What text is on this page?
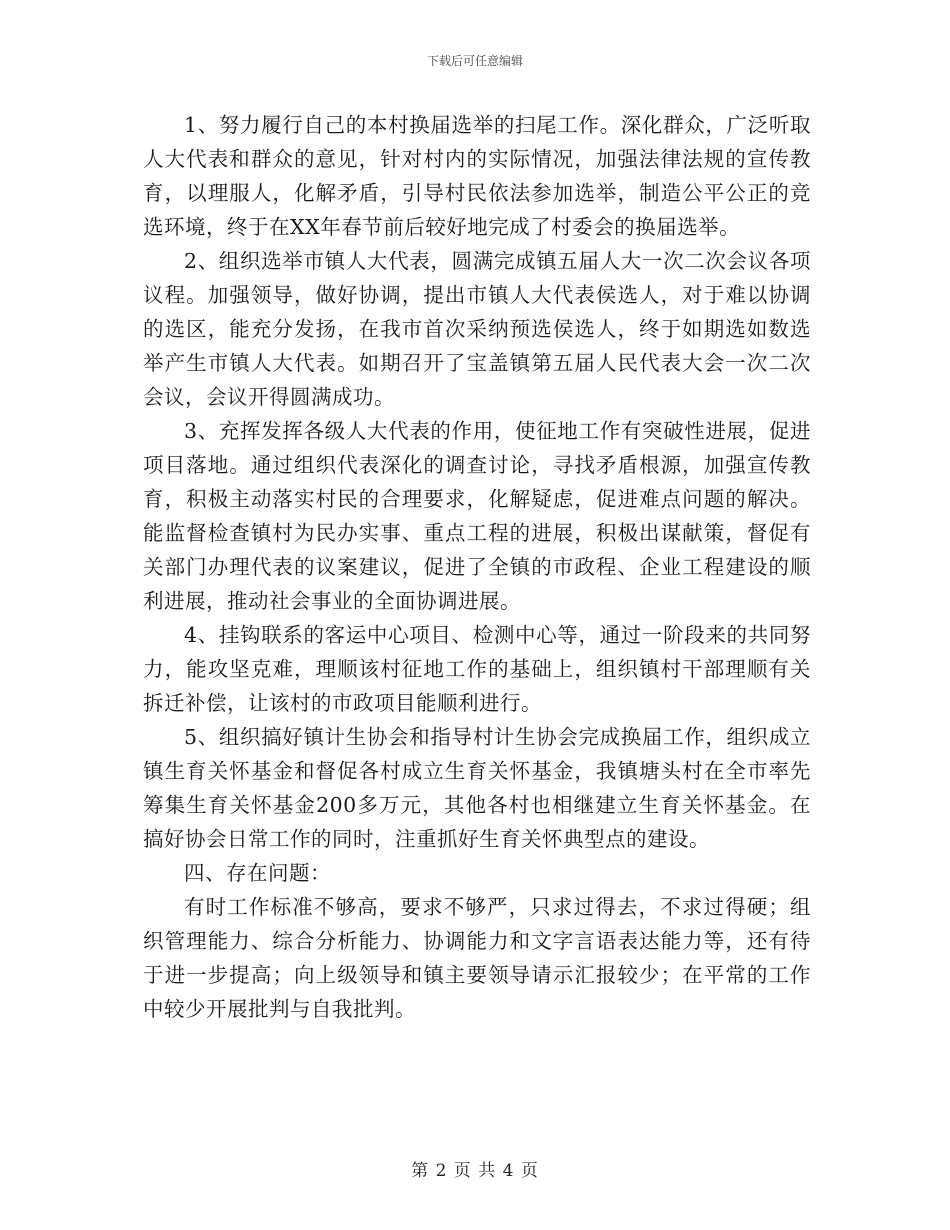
下载后可任意编辑

1、努力履行自己的本村换届选举的扫尾工作。深化群众，广泛听取人大代表和群众的意见，针对村内的实际情况，加强法律法规的宣传教育，以理服人，化解矛盾，引导村民依法参加选举，制造公平公正的竞选环境，终于在XX年春节前后较好地完成了村委会的换届选举。

2、组织选举市镇人大代表，圆满完成镇五届人大一次二次会议各项议程。加强领导，做好协调，提出市镇人大代表侯选人，对于难以协调的选区，能充分发扬，在我市首次采纳预选侯选人，终于如期选如数选举产生市镇人大代表。如期召开了宝盖镇第五届人民代表大会一次二次会议，会议开得圆满成功。

3、充挥发挥各级人大代表的作用，使征地工作有突破性进展，促进项目落地。通过组织代表深化的调查讨论，寻找矛盾根源，加强宣传教育，积极主动落实村民的合理要求，化解疑虑，促进难点问题的解决。能监督检查镇村为民办实事、重点工程的进展，积极出谋献策，督促有关部门办理代表的议案建议，促进了全镇的市政程、企业工程建设的顺利进展，推动社会事业的全面协调进展。

4、挂钩联系的客运中心项目、检测中心等，通过一阶段来的共同努力，能攻坚克难，理顺该村征地工作的基础上，组织镇村干部理顺有关拆迁补偿，让该村的市政项目能顺利进行。

5、组织搞好镇计生协会和指导村计生协会完成换届工作，组织成立镇生育关怀基金和督促各村成立生育关怀基金，我镇塘头村在全市率先筹集生育关怀基金200多万元，其他各村也相继建立生育关怀基金。在搞好协会日常工作的同时，注重抓好生育关怀典型点的建设。

四、存在问题：

有时工作标准不够高，要求不够严，只求过得去，不求过得硬；组织管理能力、综合分析能力、协调能力和文字言语表达能力等，还有待于进一步提高；向上级领导和镇主要领导请示汇报较少；在平常的工作中较少开展批判与自我批判。

第 2 页 共 4 页
